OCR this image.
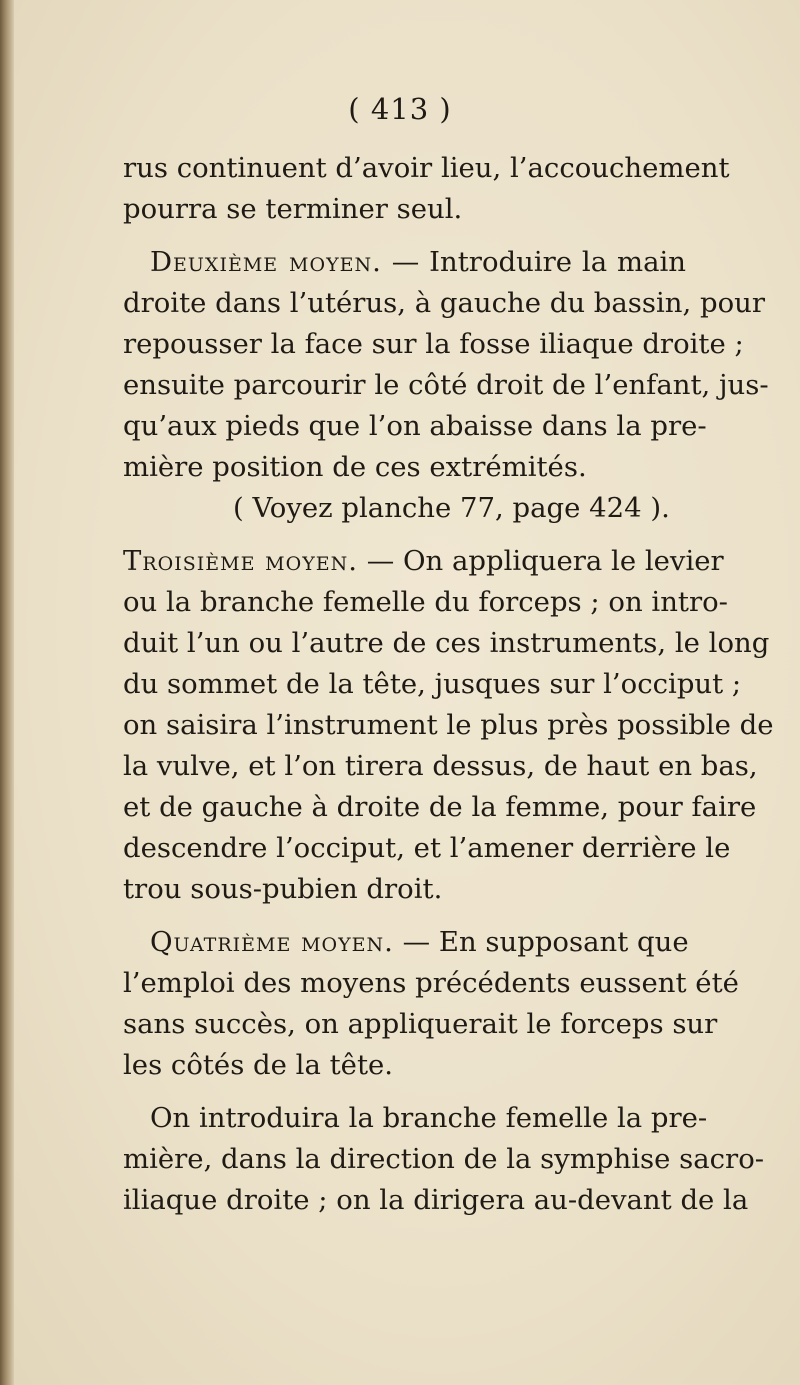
( 413 )
rus continuent d’avoir lieu, l’accouchement
pourra se terminer seul.
Deuxième moyen. — Introduire la main
droite dans l’utérus, à gauche du bassin, pour
repousser la face sur la fosse iliaque droite ;
ensuite parcourir le côté droit de l’enfant, jus-
qu’aux pieds que l’on abaisse dans la pre-
mière position de ces extrémités.
( Voyez planche 77, page 424 ).
Troisième moyen. — On appliquera le levier
ou la branche femelle du forceps ; on intro-
duit l’un ou l’autre de ces instruments, le long
du sommet de la tête, jusques sur l’occiput ;
on saisira l’instrument le plus près possible de
la vulve, et l’on tirera dessus, de haut en bas,
et de gauche à droite de la femme, pour faire
descendre l’occiput, et l’amener derrière le
trou sous-pubien droit.
Quatrième moyen. — En supposant que
l’emploi des moyens précédents eussent été
sans succès, on appliquerait le forceps sur
les côtés de la tête.
On introduira la branche femelle la pre-
mière, dans la direction de la symphise sacro-
iliaque droite ; on la dirigera au-devant de la
